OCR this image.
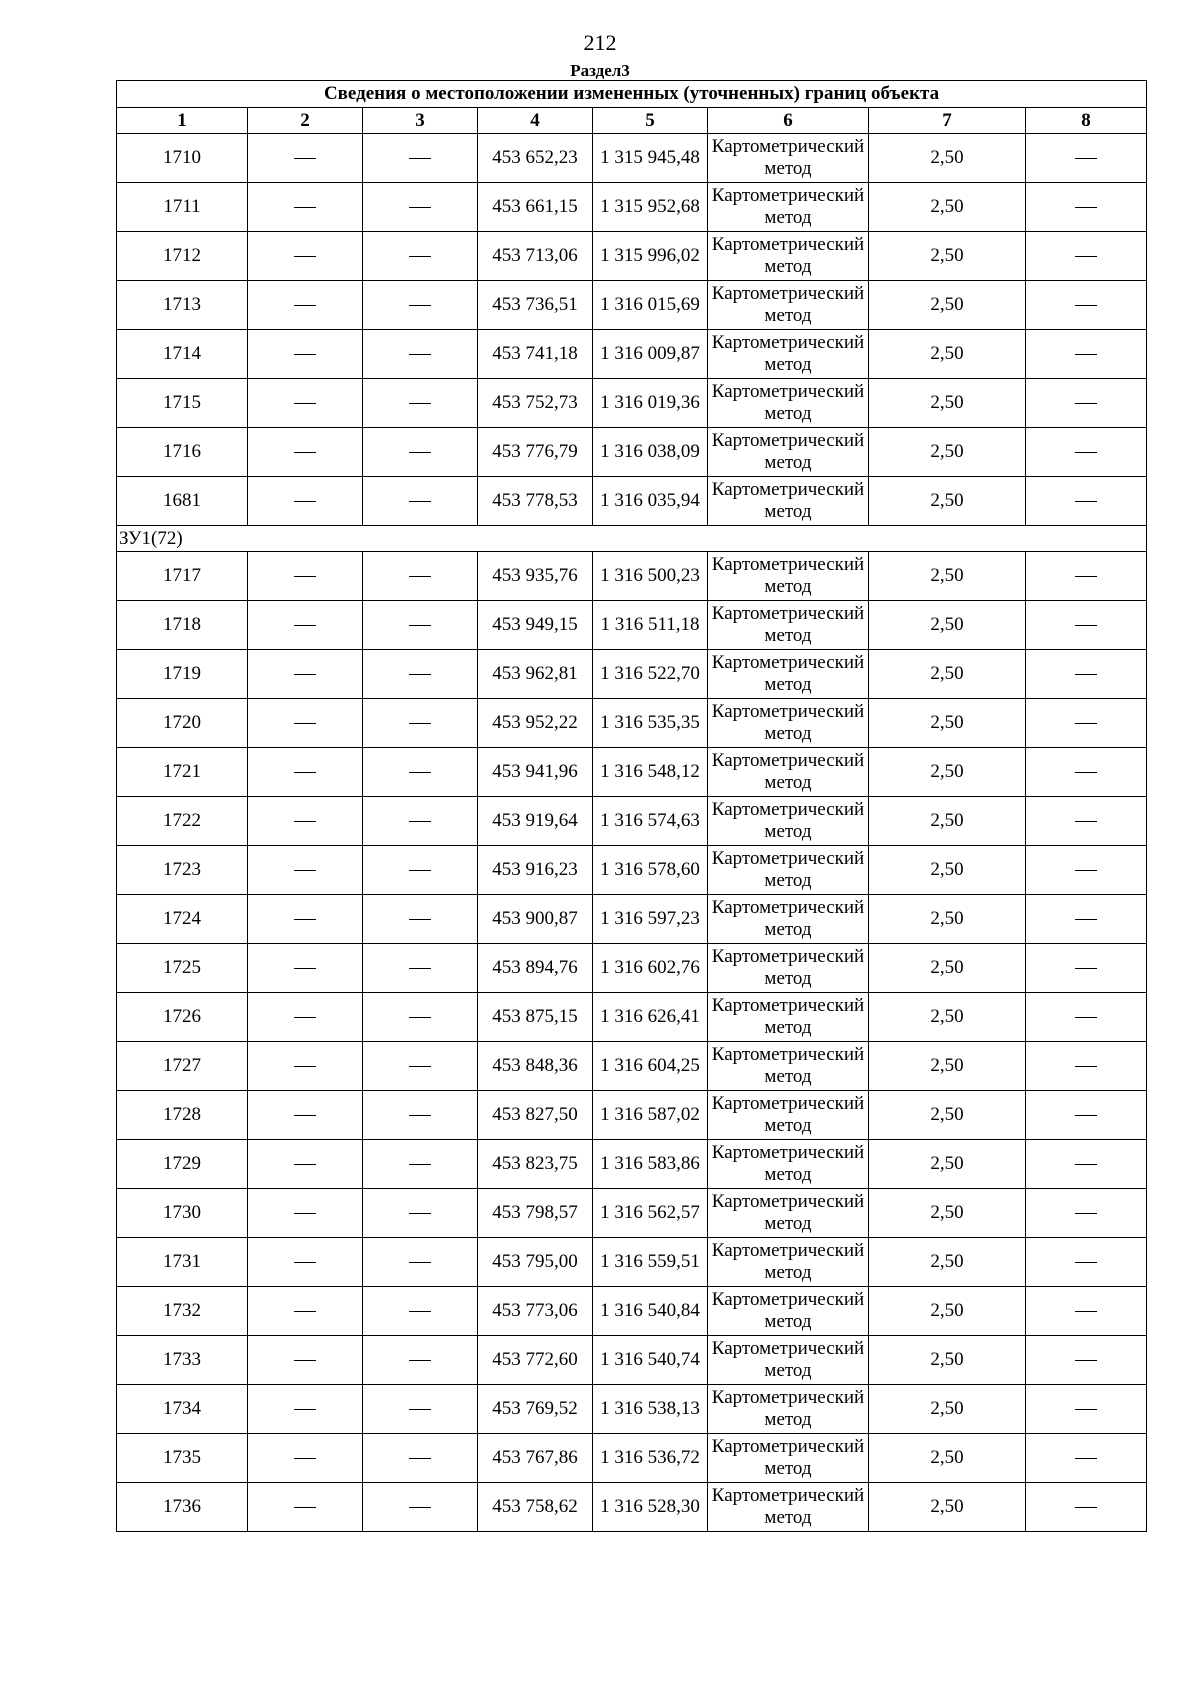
212
Раздел3
Сведения о местоположении измененных (уточненных) границ объекта							
1	2	3	4	5	6	7	8
1710			453 652,23	1 315 945,48	Картометрический метод	2,50	
1711			453 661,15	1 315 952,68	Картометрический метод	2,50	
1712			453 713,06	1 315 996,02	Картометрический метод	2,50	
1713			453 736,51	1 316 015,69	Картометрический метод	2,50	
1714			453 741,18	1 316 009,87	Картометрический метод	2,50	
1715			453 752,73	1 316 019,36	Картометрический метод	2,50	
1716			453 776,79	1 316 038,09	Картометрический метод	2,50	
1681			453 778,53	1 316 035,94	Картометрический метод	2,50	
ЗУ1(72)							
1717			453 935,76	1 316 500,23	Картометрический метод	2,50	
1718			453 949,15	1 316 511,18	Картометрический метод	2,50	
1719			453 962,81	1 316 522,70	Картометрический метод	2,50	
1720			453 952,22	1 316 535,35	Картометрический метод	2,50	
1721			453 941,96	1 316 548,12	Картометрический метод	2,50	
1722			453 919,64	1 316 574,63	Картометрический метод	2,50	
1723			453 916,23	1 316 578,60	Картометрический метод	2,50	
1724			453 900,87	1 316 597,23	Картометрический метод	2,50	
1725			453 894,76	1 316 602,76	Картометрический метод	2,50	
1726			453 875,15	1 316 626,41	Картометрический метод	2,50	
1727			453 848,36	1 316 604,25	Картометрический метод	2,50	
1728			453 827,50	1 316 587,02	Картометрический метод	2,50	
1729			453 823,75	1 316 583,86	Картометрический метод	2,50	
1730			453 798,57	1 316 562,57	Картометрический метод	2,50	
1731			453 795,00	1 316 559,51	Картометрический метод	2,50	
1732			453 773,06	1 316 540,84	Картометрический метод	2,50	
1733			453 772,60	1 316 540,74	Картометрический метод	2,50	
1734			453 769,52	1 316 538,13	Картометрический метод	2,50	
1735			453 767,86	1 316 536,72	Картометрический метод	2,50	
1736			453 758,62	1 316 528,30	Картометрический метод	2,50	
